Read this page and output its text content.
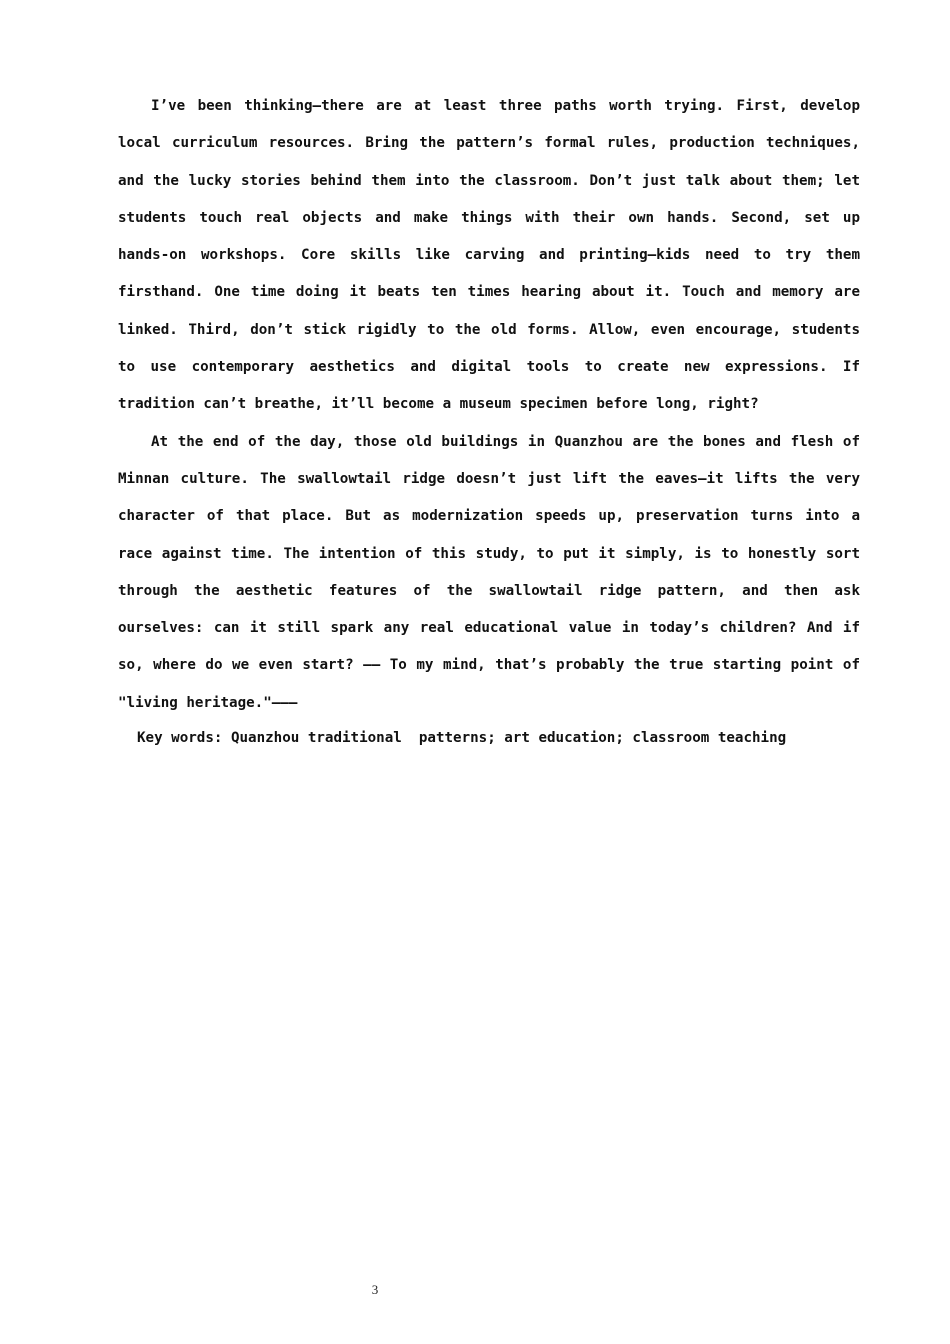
I’ve been thinking—there are at least three paths worth trying. First, develop local curriculum resources. Bring the pattern’s formal rules, production techniques, and the lucky stories behind them into the classroom. Don’t just talk about them; let students touch real objects and make things with their own hands. Second, set up hands-on workshops. Core skills like carving and printing—kids need to try them firsthand. One time doing it beats ten times hearing about it. Touch and memory are linked. Third, don’t stick rigidly to the old forms. Allow, even encourage, students to use contemporary aesthetics and digital tools to create new expressions. If tradition can’t breathe, it’ll become a museum specimen before long, right?

At the end of the day, those old buildings in Quanzhou are the bones and flesh of Minnan culture. The swallowtail ridge doesn’t just lift the eaves—it lifts the very character of that place. But as modernization speeds up, preservation turns into a race against time. The intention of this study, to put it simply, is to honestly sort through the aesthetic features of the swallowtail ridge pattern, and then ask ourselves: can it still spark any real educational value in today’s children? And if so, where do we even start? —— To my mind, that’s probably the true starting point of "living heritage."———

Key words: Quanzhou traditional  patterns; art education; classroom teaching

3
